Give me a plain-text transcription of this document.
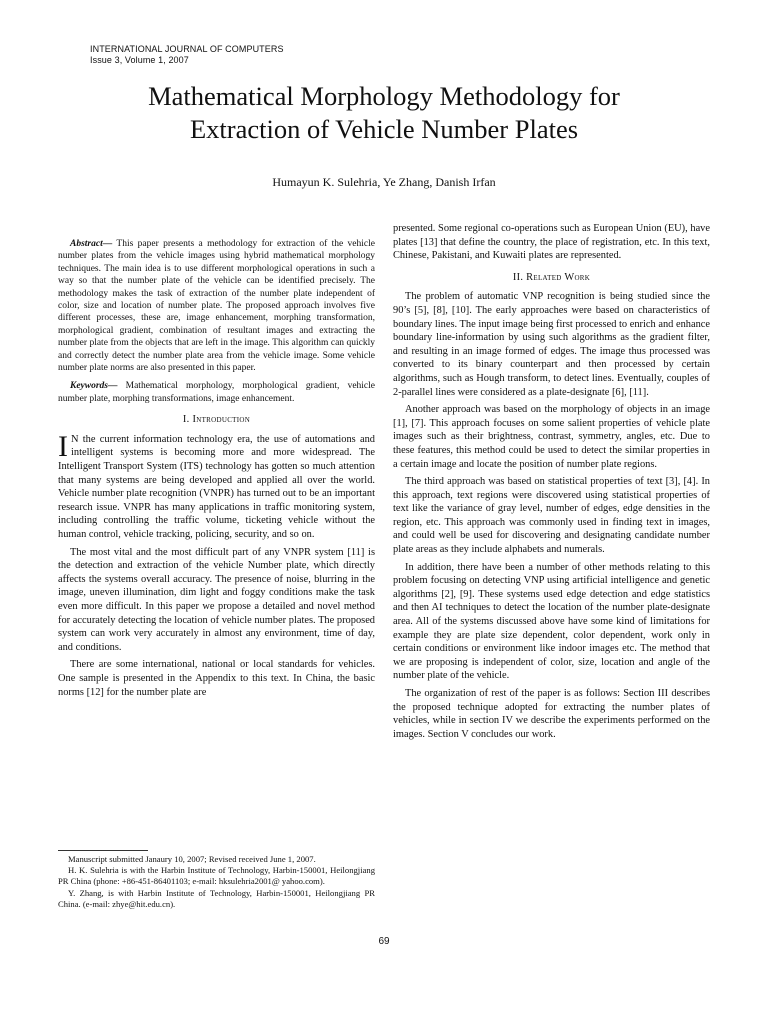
INTERNATIONAL JOURNAL OF COMPUTERS
Issue 3, Volume 1, 2007
Mathematical Morphology Methodology for
Extraction of Vehicle Number Plates
Humayun K. Sulehria, Ye Zhang, Danish Irfan

Abstract— This paper presents a methodology for extraction of the vehicle number plates from the vehicle images using hybrid mathematical morphology techniques. The main idea is to use different morphological operations in such a way so that the number plate of the vehicle can be identified precisely. The methodology makes the task of extraction of the number plate independent of color, size and location of number plate. The proposed approach involves five different processes, these are, image enhancement, morphing transformation, morphological gradient, combination of resultant images and extracting the number plate from the objects that are left in the image. This algorithm can quickly and correctly detect the number plate area from the vehicle image. Some vehicle number plate norms are also presented in this paper.

Keywords— Mathematical morphology, morphological gradient, vehicle number plate, morphing transformations, image enhancement.

I. Introduction

I N the current information technology era, the use of automations and intelligent systems is becoming more and more widespread. The Intelligent Transport System (ITS) technology has gotten so much attention that many systems are being developed and applied all over the world. Vehicle number plate recognition (VNPR) has turned out to be an important research issue. VNPR has many applications in traffic monitoring system, including controlling the traffic volume, ticketing vehicle without the human control, vehicle tracking, policing, security, and so on.

The most vital and the most difficult part of any VNPR system [11] is the detection and extraction of the vehicle Number plate, which directly affects the systems overall accuracy. The presence of noise, blurring in the image, uneven illumination, dim light and foggy conditions make the task even more difficult. In this paper we propose a detailed and novel method for accurately detecting the location of vehicle number plates. The proposed system can work very accurately in almost any environment, time of day, and conditions.

There are some international, national or local standards for vehicles. One sample is presented in the Appendix to this text. In China, the basic norms [12] for the number plate are

Manuscript submitted Janaury 10, 2007; Revised received June 1, 2007.

H. K. Sulehria is with the Harbin Institute of Technology, Harbin-150001, Heilongjiang PR China (phone: +86-451-86401103; e-mail: hksulehria2001@ yahoo.com).

Y. Zhang, is with Harbin Institute of Technology, Harbin-150001, Heilongjiang PR China. (e-mail: zhye@hit.edu.cn).

presented. Some regional co-operations such as European Union (EU), have plates [13] that define the country, the place of registration, etc. In this text, Chinese, Pakistani, and Kuwaiti plates are represented.

II. Related Work

The problem of automatic VNP recognition is being studied since the 90’s [5], [8], [10]. The early approaches were based on characteristics of boundary lines. The input image being first processed to enrich and enhance boundary line-information by using such algorithms as the gradient filter, and resulting in an image formed of edges. The image thus processed was converted to its binary counterpart and then processed by certain algorithms, such as Hough transform, to detect lines. Eventually, couples of 2-parallel lines were considered as a plate-designate [6], [11].

Another approach was based on the morphology of objects in an image [1], [7]. This approach focuses on some salient properties of vehicle plate images such as their brightness, contrast, symmetry, angles, etc. Due to these features, this method could be used to detect the similar properties in a certain image and locate the position of number plate regions.

The third approach was based on statistical properties of text [3], [4]. In this approach, text regions were discovered using statistical properties of text like the variance of gray level, number of edges, edge densities in the region, etc. This approach was commonly used in finding text in images, and could well be used for discovering and designating candidate number plate areas as they include alphabets and numerals.

In addition, there have been a number of other methods relating to this problem focusing on detecting VNP using artificial intelligence and genetic algorithms [2], [9]. These systems used edge detection and edge statistics and then AI techniques to detect the location of the number plate-designate area. All of the systems discussed above have some kind of limitations for example they are plate size dependent, color dependent, work only in certain conditions or environment like indoor images etc. The method that we are proposing is independent of color, size, location and angle of the number plate of the vehicle.

The organization of rest of the paper is as follows: Section III describes the proposed technique adopted for extracting the number plates of vehicles, while in section IV we describe the experiments performed on the images. Section V concludes our work.

69
